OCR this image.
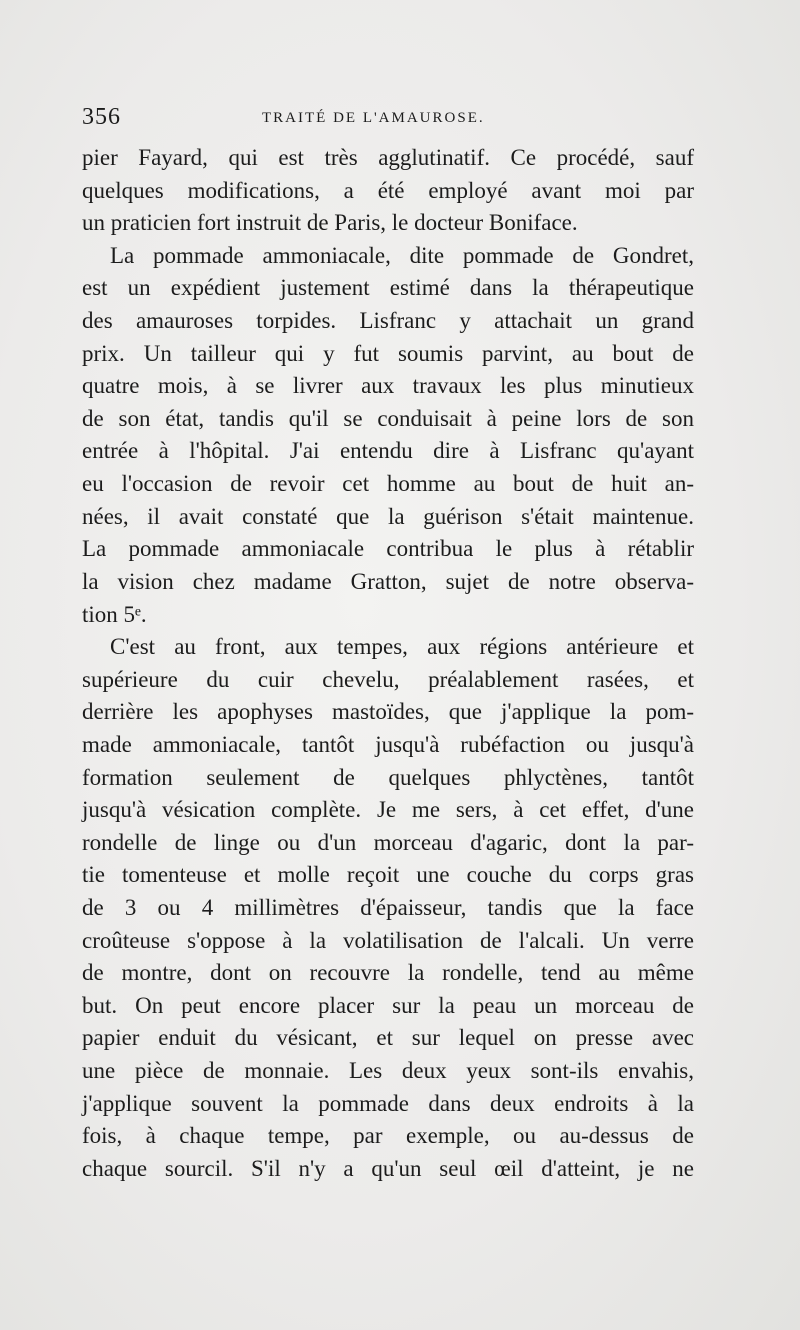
356	TRAITÉ DE L'AMAUROSE.
pier Fayard, qui est très agglutinatif. Ce procédé, sauf
quelques modifications, a été employé avant moi par
un praticien fort instruit de Paris, le docteur Boniface.
La pommade ammoniacale, dite pommade de Gondret,
est un expédient justement estimé dans la thérapeutique
des amauroses torpides. Lisfranc y attachait un grand
prix. Un tailleur qui y fut soumis parvint, au bout de
quatre mois, à se livrer aux travaux les plus minutieux
de son état, tandis qu'il se conduisait à peine lors de son
entrée à l'hôpital. J'ai entendu dire à Lisfranc qu'ayant
eu l'occasion de revoir cet homme au bout de huit an-
nées, il avait constaté que la guérison s'était maintenue.
La pommade ammoniacale contribua le plus à rétablir
la vision chez madame Gratton, sujet de notre observa-
tion 5ᵉ.
C'est au front, aux tempes, aux régions antérieure et
supérieure du cuir chevelu, préalablement rasées, et
derrière les apophyses mastoïdes, que j'applique la pom-
made ammoniacale, tantôt jusqu'à rubéfaction ou jusqu'à
formation seulement de quelques phlyctènes, tantôt
jusqu'à vésication complète. Je me sers, à cet effet, d'une
rondelle de linge ou d'un morceau d'agaric, dont la par-
tie tomenteuse et molle reçoit une couche du corps gras
de 3 ou 4 millimètres d'épaisseur, tandis que la face
croûteuse s'oppose à la volatilisation de l'alcali. Un verre
de montre, dont on recouvre la rondelle, tend au même
but. On peut encore placer sur la peau un morceau de
papier enduit du vésicant, et sur lequel on presse avec
une pièce de monnaie. Les deux yeux sont-ils envahis,
j'applique souvent la pommade dans deux endroits à la
fois, à chaque tempe, par exemple, ou au-dessus de
chaque sourcil. S'il n'y a qu'un seul œil d'atteint, je ne
